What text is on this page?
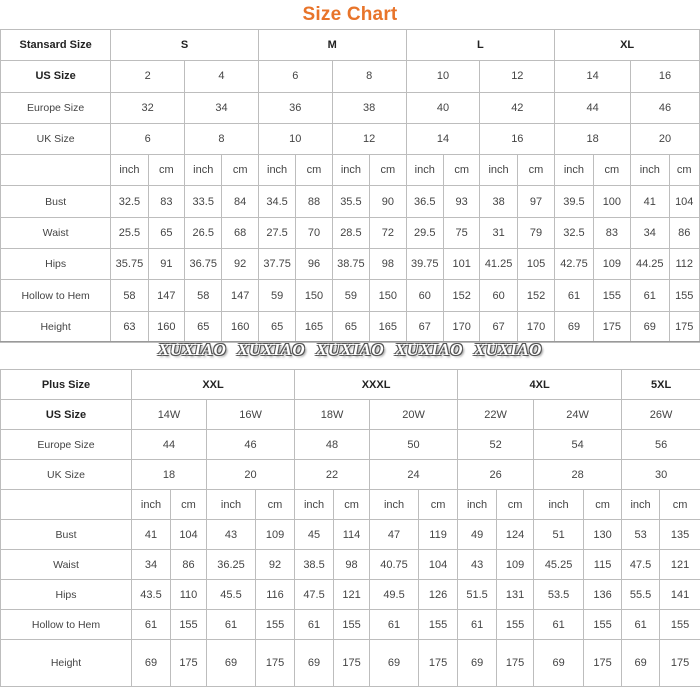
Size Chart
Stansard Size	S				M				L				XL			
US Size	2		4		6		8		10		12		14		16	
Europe Size	32		34		36		38		40		42		44		46	
UK Size	6		8		10		12		14		16		18		20	
	inch	cm	inch	cm	inch	cm	inch	cm	inch	cm	inch	cm	inch	cm	inch	cm
Bust	32.5	83	33.5	84	34.5	88	35.5	90	36.5	93	38	97	39.5	100	41	104
Waist	25.5	65	26.5	68	27.5	70	28.5	72	29.5	75	31	79	32.5	83	34	86
Hips	35.75	91	36.75	92	37.75	96	38.75	98	39.75	101	41.25	105	42.75	109	44.25	112
Hollow to Hem	58	147	58	147	59	150	59	150	60	152	60	152	61	155	61	155
Height	63	160	65	160	65	165	65	165	67	170	67	170	69	175	69	175
XUXIAO XUXIAO XUXIAO XUXIAO XUXIAO
Plus Size	XXL				XXXL				4XL				5XL	
US Size	14W		16W		18W		20W		22W		24W		26W	
Europe Size	44		46		48		50		52		54		56	
UK Size	18		20		22		24		26		28		30	
	inch	cm	inch	cm	inch	cm	inch	cm	inch	cm	inch	cm	inch	cm
Bust	41	104	43	109	45	114	47	119	49	124	51	130	53	135
Waist	34	86	36.25	92	38.5	98	40.75	104	43	109	45.25	115	47.5	121
Hips	43.5	110	45.5	116	47.5	121	49.5	126	51.5	131	53.5	136	55.5	141
Hollow to Hem	61	155	61	155	61	155	61	155	61	155	61	155	61	155
Height	69	175	69	175	69	175	69	175	69	175	69	175	69	175
